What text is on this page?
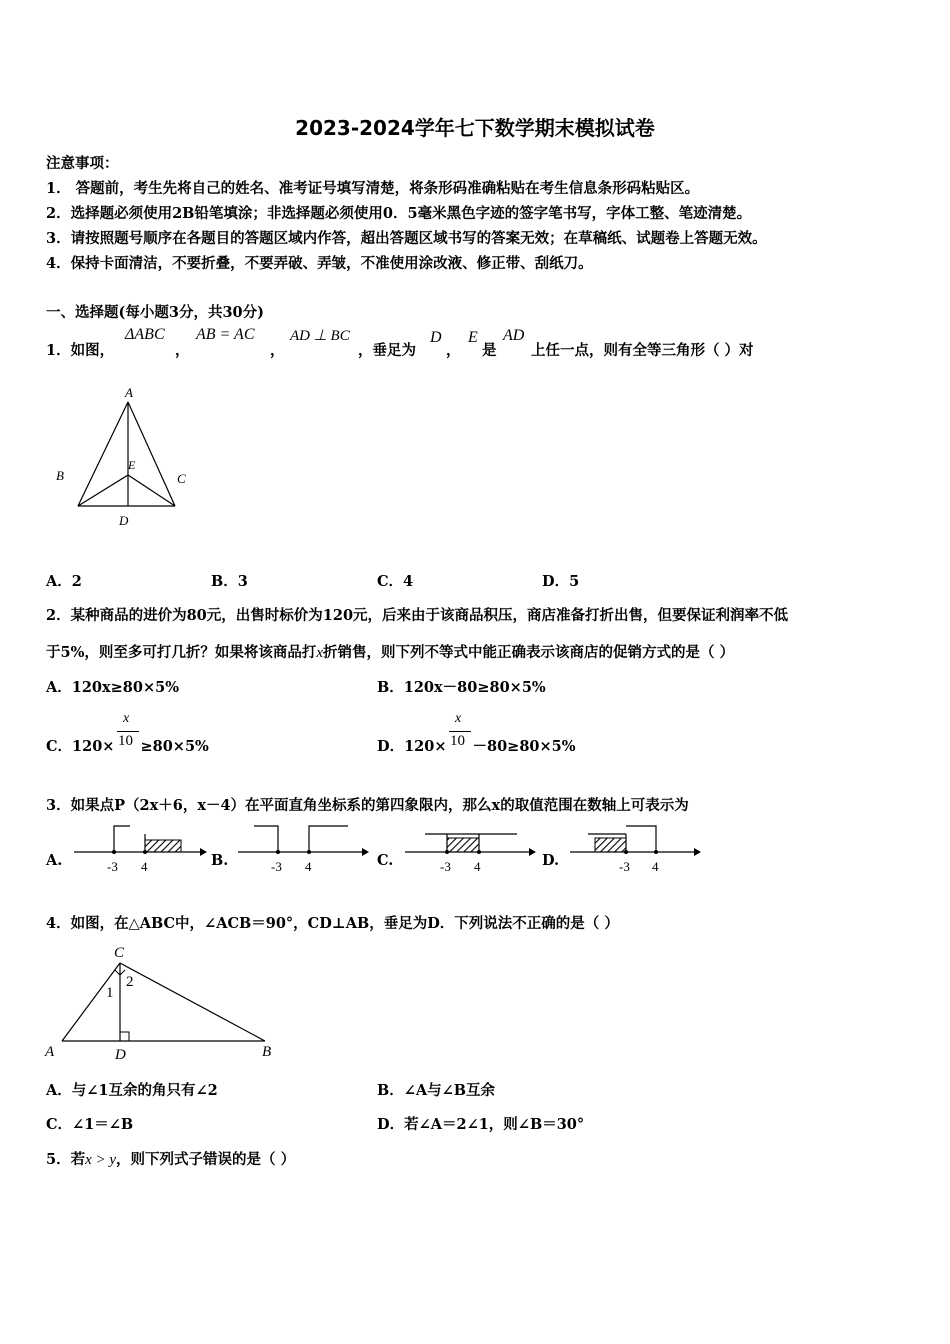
2023-2024学年七下数学期末模拟试卷
注意事项：
1． 答题前，考生先将自己的姓名、准考证号填写清楚，将条形码准确粘贴在考生信息条形码粘贴区。
2．选择题必须使用2B铅笔填涂；非选择题必须使用0．5毫米黑色字迹的签字笔书写，字体工整、笔迹清楚。
3．请按照题号顺序在各题目的答题区域内作答，超出答题区域书写的答案无效；在草稿纸、试题卷上答题无效。
4．保持卡面清洁，不要折叠，不要弄破、弄皱，不准使用涂改液、修正带、刮纸刀。
一、选择题(每小题3分，共30分)
1．如图，
ΔABC
，
AB = AC
，
AD ⊥ BC
，垂足为
D
，
E
是
AD
上任一点，则有全等三角形（ ）对
A
B	C
D
E
A．2	B．3	C．4	D．5
2．某种商品的进价为80元，出售时标价为120元，后来由于该商品积压，商店准备打折出售，但要保证利润率不低
于5%，则至多可打几折？如果将该商品打x折销售，则下列不等式中能正确表示该商店的促销方式的是（ ）
A．120x≥80×5%	B．120x－80≥80×5%
C．120× ≥80×5%
x
10	D．120× －80≥80×5%
x
10
3．如果点P（2x＋6，x－4）在平面直角坐标系的第四象限内，那么x的取值范围在数轴上可表示为
A.	-3 4	B.	-3 4	C.	-3 4	D.	-3 4
4．如图，在△ABC中，∠ACB＝90°，CD⊥AB，垂足为D．下列说法不正确的是（ ）
C
A	D	B
1
2
A．与∠1互余的角只有∠2	B．∠A与∠B互余
C．∠1＝∠B	D．若∠A＝2∠1，则∠B＝30°
5．若x > y，则下列式子错误的是（ ）
